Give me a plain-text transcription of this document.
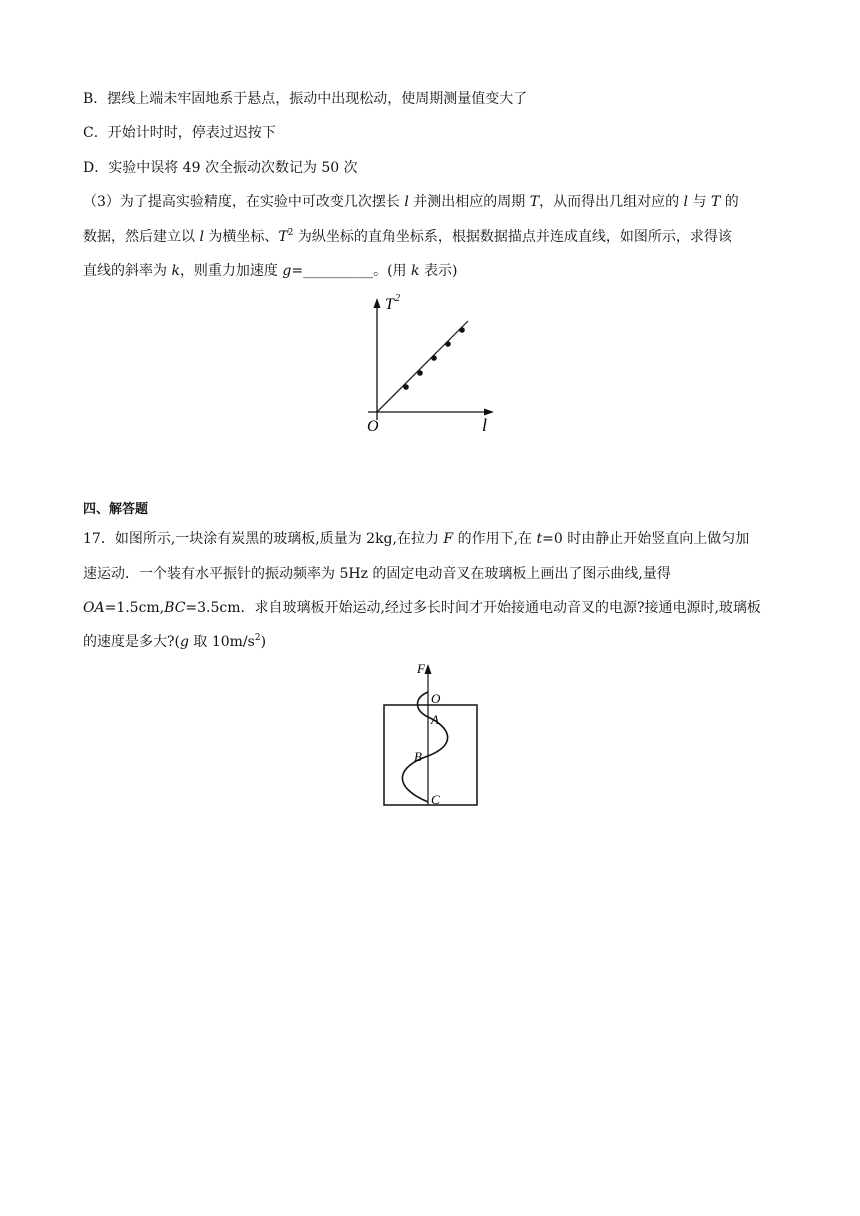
B．摆线上端未牢固地系于悬点，振动中出现松动，使周期测量值变大了
C．开始计时时，停表过迟按下
D．实验中误将 49 次全振动次数记为 50 次
（3）为了提高实验精度，在实验中可改变几次摆长 l 并测出相应的周期 T，从而得出几组对应的 l 与 T 的
数据，然后建立以 l 为横坐标、$T^2$ 为纵坐标的直角坐标系，根据数据描点并连成直线，如图所示，求得该
直线的斜率为 k，则重力加速度 g=__________。(用 k 表示)
T 2
O	l
四、解答题
17．如图所示,一块涂有炭黑的玻璃板,质量为 2kg,在拉力 F 的作用下,在 t=0 时由静止开始竖直向上做匀加
速运动．一个装有水平振针的振动频率为 5Hz 的固定电动音叉在玻璃板上画出了图示曲线,量得
OA=1.5cm,BC=3.5cm．求自玻璃板开始运动,经过多长时间才开始接通电动音叉的电源?接通电源时,玻璃板
的速度是多大?(g 取 $10m/s^2$)
F
O
A
B
C
